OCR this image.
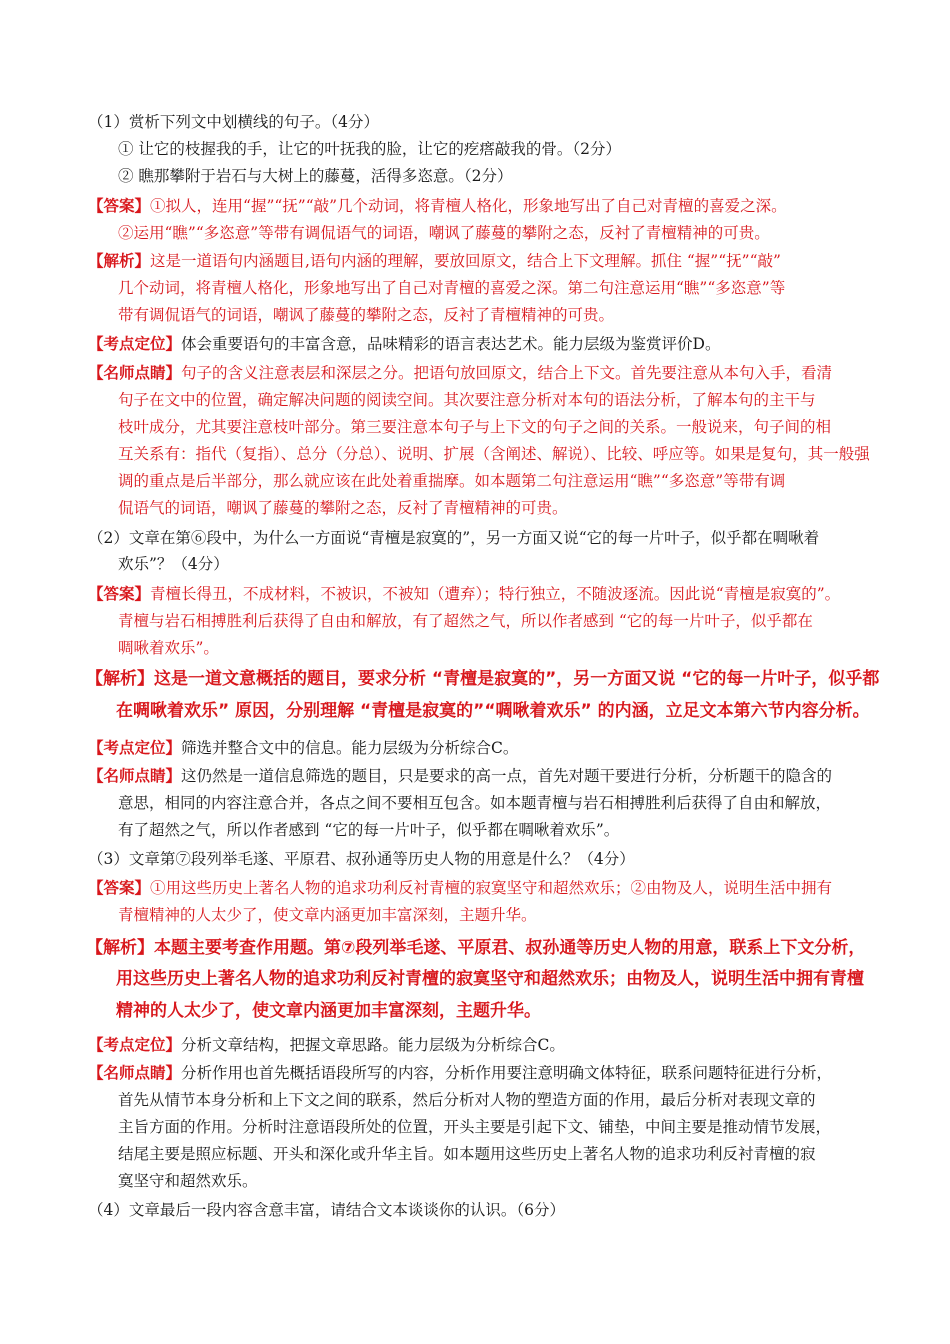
（1）赏析下列文中划横线的句子。（4分）
① 让它的枝握我的手，让它的叶抚我的脸，让它的疙瘩敲我的骨。（2分）
② 瞧那攀附于岩石与大树上的藤蔓，活得多恣意。（2分）
【答案】①拟人，连用“握”“抚”“敲”几个动词，将青檀人格化，形象地写出了自己对青檀的喜爱之深。
②运用“瞧”“多恣意”等带有调侃语气的词语，嘲讽了藤蔓的攀附之态，反衬了青檀精神的可贵。
【解析】这是一道语句内涵题目,语句内涵的理解，要放回原文，结合上下文理解。抓住 “握”“抚”“敲”
几个动词，将青檀人格化，形象地写出了自己对青檀的喜爱之深。第二句注意运用“瞧”“多恣意”等
带有调侃语气的词语，嘲讽了藤蔓的攀附之态，反衬了青檀精神的可贵。
【考点定位】体会重要语句的丰富含意，品味精彩的语言表达艺术。能力层级为鉴赏评价D。
【名师点睛】句子的含义注意表层和深层之分。把语句放回原文，结合上下文。首先要注意从本句入手，看清
句子在文中的位置，确定解决问题的阅读空间。其次要注意分析对本句的语法分析，了解本句的主干与
枝叶成分，尤其要注意枝叶部分。第三要注意本句子与上下文的句子之间的关系。一般说来，句子间的相
互关系有：指代（复指）、总分（分总）、说明、扩展（含阐述、解说）、比较、呼应等。如果是复句，其一般强
调的重点是后半部分，那么就应该在此处着重揣摩。如本题第二句注意运用“瞧”“多恣意”等带有调
侃语气的词语，嘲讽了藤蔓的攀附之态，反衬了青檀精神的可贵。
（2）文章在第⑥段中，为什么一方面说“青檀是寂寞的”，另一方面又说“它的每一片叶子，似乎都在啁啾着
欢乐”？（4分）
【答案】青檀长得丑，不成材料，不被识，不被知（遭弃）；特行独立，不随波逐流。因此说“青檀是寂寞的”。
青檀与岩石相搏胜利后获得了自由和解放，有了超然之气，所以作者感到 “它的每一片叶子，似乎都在
啁啾着欢乐”。
【解析】这是一道文意概括的题目，要求分析 “青檀是寂寞的”，另一方面又说 “它的每一片叶子，似乎都
在啁啾着欢乐” 原因，分别理解 “青檀是寂寞的”“啁啾着欢乐” 的内涵，立足文本第六节内容分析。
【考点定位】筛选并整合文中的信息。能力层级为分析综合C。
【名师点睛】这仍然是一道信息筛选的题目，只是要求的高一点，首先对题干要进行分析，分析题干的隐含的
意思，相同的内容注意合并，各点之间不要相互包含。如本题青檀与岩石相搏胜利后获得了自由和解放，
有了超然之气，所以作者感到 “它的每一片叶子，似乎都在啁啾着欢乐”。
（3）文章第⑦段列举毛遂、平原君、叔孙通等历史人物的用意是什么？（4分）
【答案】①用这些历史上著名人物的追求功利反衬青檀的寂寞坚守和超然欢乐；②由物及人，说明生活中拥有
青檀精神的人太少了，使文章内涵更加丰富深刻，主题升华。
【解析】本题主要考查作用题。第⑦段列举毛遂、平原君、叔孙通等历史人物的用意，联系上下文分析，
用这些历史上著名人物的追求功利反衬青檀的寂寞坚守和超然欢乐；由物及人，说明生活中拥有青檀
精神的人太少了，使文章内涵更加丰富深刻，主题升华。
【考点定位】分析文章结构，把握文章思路。能力层级为分析综合C。
【名师点睛】分析作用也首先概括语段所写的内容，分析作用要注意明确文体特征，联系问题特征进行分析，
首先从情节本身分析和上下文之间的联系，然后分析对人物的塑造方面的作用，最后分析对表现文章的
主旨方面的作用。分析时注意语段所处的位置，开头主要是引起下文、铺垫，中间主要是推动情节发展，
结尾主要是照应标题、开头和深化或升华主旨。如本题用这些历史上著名人物的追求功利反衬青檀的寂
寞坚守和超然欢乐。
（4）文章最后一段内容含意丰富，请结合文本谈谈你的认识。（6分）
